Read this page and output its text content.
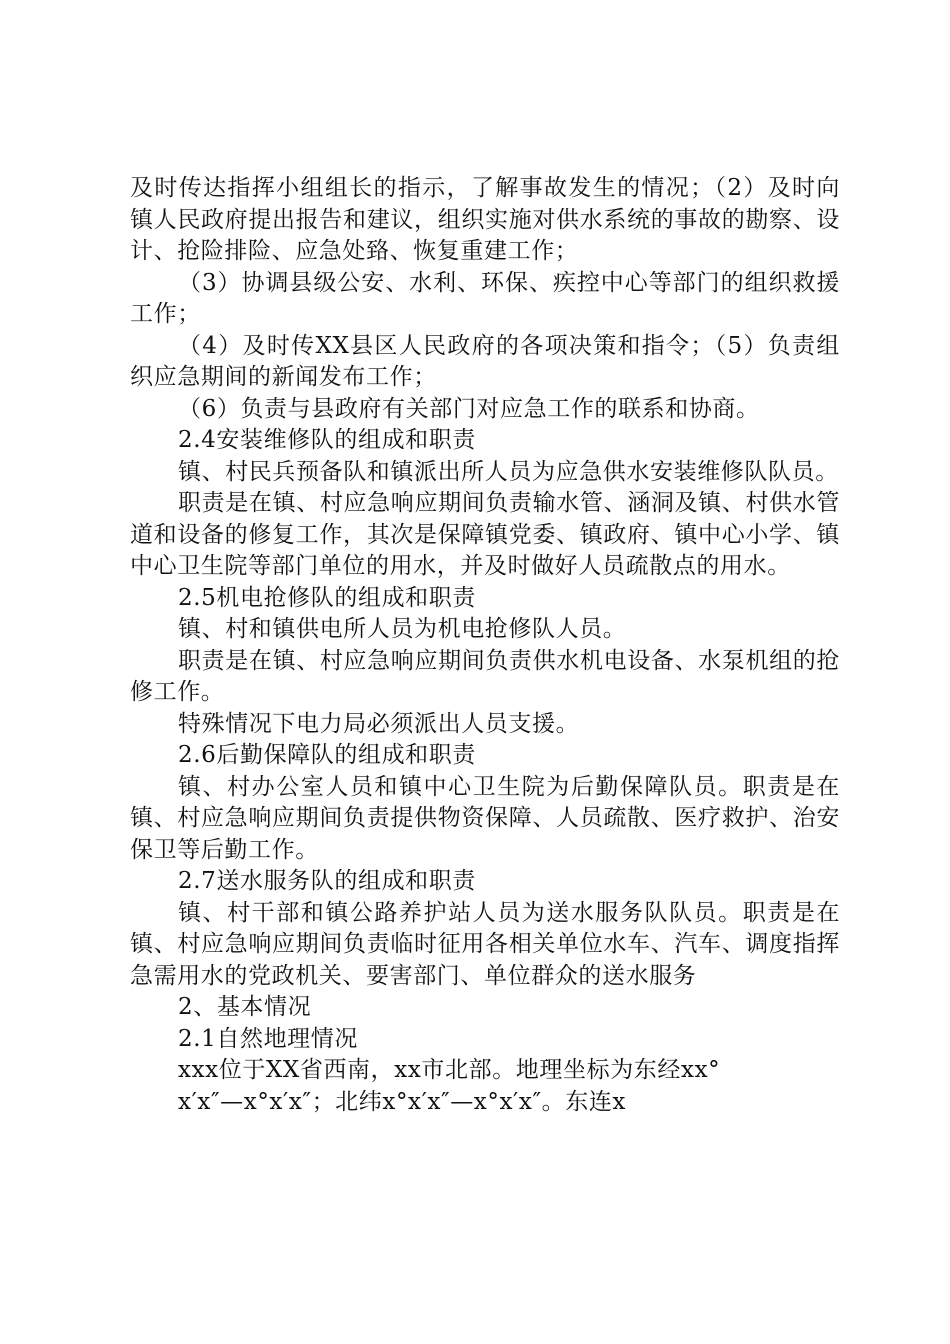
及时传达指挥小组组长的指示，了解事故发生的情况；（2）及时向镇人民政府提出报告和建议，组织实施对供水系统的事故的勘察、设计、抢险排险、应急处臵、恢复重建工作；

（3）协调县级公安、水利、环保、疾控中心等部门的组织救援工作；

（4）及时传XX县区人民政府的各项决策和指令；（5）负责组织应急期间的新闻发布工作；

（6）负责与县政府有关部门对应急工作的联系和协商。

2.4安装维修队的组成和职责

镇、村民兵预备队和镇派出所人员为应急供水安装维修队队员。

职责是在镇、村应急响应期间负责输水管、涵洞及镇、村供水管道和设备的修复工作，其次是保障镇党委、镇政府、镇中心小学、镇中心卫生院等部门单位的用水，并及时做好人员疏散点的用水。

2.5机电抢修队的组成和职责

镇、村和镇供电所人员为机电抢修队人员。

职责是在镇、村应急响应期间负责供水机电设备、水泵机组的抢修工作。

特殊情况下电力局必须派出人员支援。

2.6后勤保障队的组成和职责

镇、村办公室人员和镇中心卫生院为后勤保障队员。职责是在镇、村应急响应期间负责提供物资保障、人员疏散、医疗救护、治安保卫等后勤工作。

2.7送水服务队的组成和职责

镇、村干部和镇公路养护站人员为送水服务队队员。职责是在镇、村应急响应期间负责临时征用各相关单位水车、汽车、调度指挥急需用水的党政机关、要害部门、单位群众的送水服务

2、基本情况

2.1自然地理情况

xxx位于XX省西南，xx市北部。地理坐标为东经xx°

x′x″—x°x′x″；北纬x°x′x″—x°x′x″。东连x
